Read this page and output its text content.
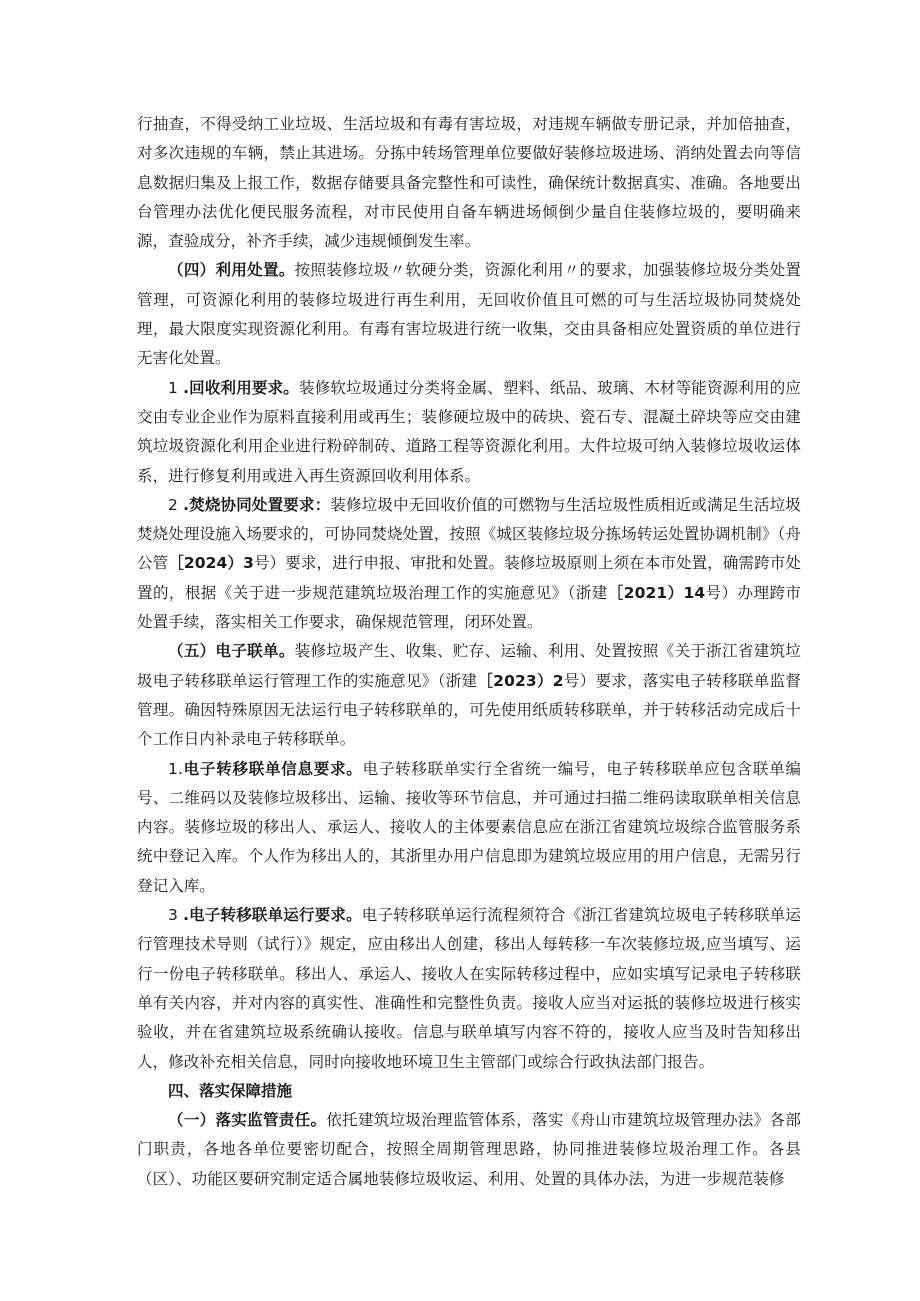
行抽查，不得受纳工业垃圾、生活垃圾和有毒有害垃圾，对违规车辆做专册记录，并加倍抽查，对多次违规的车辆，禁止其进场。分拣中转场管理单位要做好装修垃圾进场、消纳处置去向等信息数据归集及上报工作，数据存储要具备完整性和可读性，确保统计数据真实、准确。各地要出台管理办法优化便民服务流程，对市民使用自备车辆进场倾倒少量自住装修垃圾的，要明确来源，查验成分，补齐手续，减少违规倾倒发生率。

（四）利用处置。按照装修垃圾〃软硬分类，资源化利用〃的要求，加强装修垃圾分类处置管理，可资源化利用的装修垃圾进行再生利用，无回收价值且可燃的可与生活垃圾协同焚烧处理，最大限度实现资源化利用。有毒有害垃圾进行统一收集，交由具备相应处置资质的单位进行无害化处置。

1 .回收利用要求。装修软垃圾通过分类将金属、塑料、纸品、玻璃、木材等能资源利用的应交由专业企业作为原料直接利用或再生；装修硬垃圾中的砖块、瓷石专、混凝土碎块等应交由建筑垃圾资源化利用企业进行粉碎制砖、道路工程等资源化利用。大件垃圾可纳入装修垃圾收运体系，进行修复利用或进入再生资源回收利用体系。

2 .焚烧协同处置要求：装修垃圾中无回收价值的可燃物与生活垃圾性质相近或满足生活垃圾焚烧处理设施入场要求的，可协同焚烧处置，按照《城区装修垃圾分拣场转运处置协调机制》（舟公管［2024）3号）要求，进行申报、审批和处置。装修垃圾原则上须在本市处置，确需跨市处置的，根据《关于进一步规范建筑垃圾治理工作的实施意见》（浙建［2021）14号）办理跨市处置手续，落实相关工作要求，确保规范管理，闭环处置。

（五）电子联单。装修垃圾产生、收集、贮存、运输、利用、处置按照《关于浙江省建筑垃圾电子转移联单运行管理工作的实施意见》（浙建［2023）2号）要求，落实电子转移联单监督管理。确因特殊原因无法运行电子转移联单的，可先使用纸质转移联单，并于转移活动完成后十个工作日内补录电子转移联单。

1.电子转移联单信息要求。电子转移联单实行全省统一编号，电子转移联单应包含联单编号、二维码以及装修垃圾移出、运输、接收等环节信息，并可通过扫描二维码读取联单相关信息内容。装修垃圾的移出人、承运人、接收人的主体要素信息应在浙江省建筑垃圾综合监管服务系统中登记入库。个人作为移出人的，其浙里办用户信息即为建筑垃圾应用的用户信息，无需另行登记入库。

3 .电子转移联单运行要求。电子转移联单运行流程须符合《浙江省建筑垃圾电子转移联单运行管理技术导则（试行）》规定，应由移出人创建，移出人每转移一车次装修垃圾,应当填写、运行一份电子转移联单。移出人、承运人、接收人在实际转移过程中，应如实填写记录电子转移联单有关内容，并对内容的真实性、准确性和完整性负责。接收人应当对运抵的装修垃圾进行核实验收，并在省建筑垃圾系统确认接收。信息与联单填写内容不符的，接收人应当及时告知移出人，修改补充相关信息，同时向接收地环境卫生主管部门或综合行政执法部门报告。

四、落实保障措施

（一）落实监管责任。依托建筑垃圾治理监管体系，落实《舟山市建筑垃圾管理办法》各部门职责，各地各单位要密切配合，按照全周期管理思路，协同推进装修垃圾治理工作。各县（区）、功能区要研究制定适合属地装修垃圾收运、利用、处置的具体办法，为进一步规范装修
